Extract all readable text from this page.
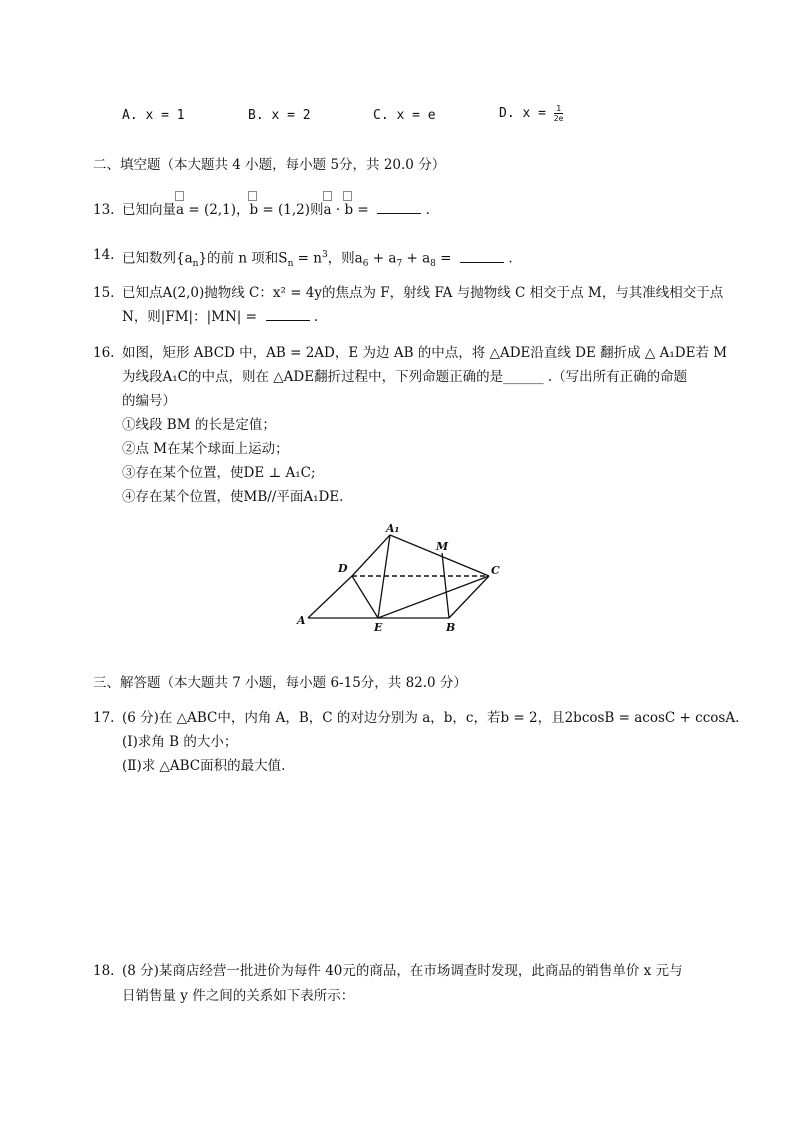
A. x = 1	B. x = 2	C. x = e	D. $x = \frac{1}{2e}$
二、填空题（本大题共 4 小题，每小题 5分，共 20.0 分）
13. 已知向量a = (2,1)，b = (1,2)则a · b =	.
14. 已知数列$\{a_n\}$的前 n 项和$S_n = n^3$，则$a_6 + a_7 + a_8$ =	.
15. 已知点A(2,0)抛物线 C：x² = 4y的焦点为 F，射线 FA 与抛物线 C 相交于点 M，与其准线相交于点
N，则|FM|：|MN| =	.
16. 如图，矩形 ABCD 中，AB = 2AD，E 为边 AB 的中点，将 △ADE沿直线 DE 翻折成 △ A₁DE若 M
为线段A₁C的中点，则在 △ADE翻折过程中，下列命题正确的是______ .（写出所有正确的命题
的编号）
①线段 BM 的长是定值；
②点 M在某个球面上运动；
③存在某个位置，使DE ⊥ A₁C;
④存在某个位置，使MB//平面A₁DE.
A₁
M
D	C
A
E	B
三、解答题（本大题共 7 小题，每小题 6-15分，共 82.0 分）
17. (6 分)在 △ABC中，内角 A，B，C 的对边分别为 a，b，c，若b = 2，且2bcosB = acosC + ccosA.
(Ⅰ)求角 B 的大小；
(Ⅱ)求 △ABC面积的最大值.
18. (8 分)某商店经营一批进价为每件 40元的商品，在市场调查时发现，此商品的销售单价 x 元与
日销售量 y 件之间的关系如下表所示：
